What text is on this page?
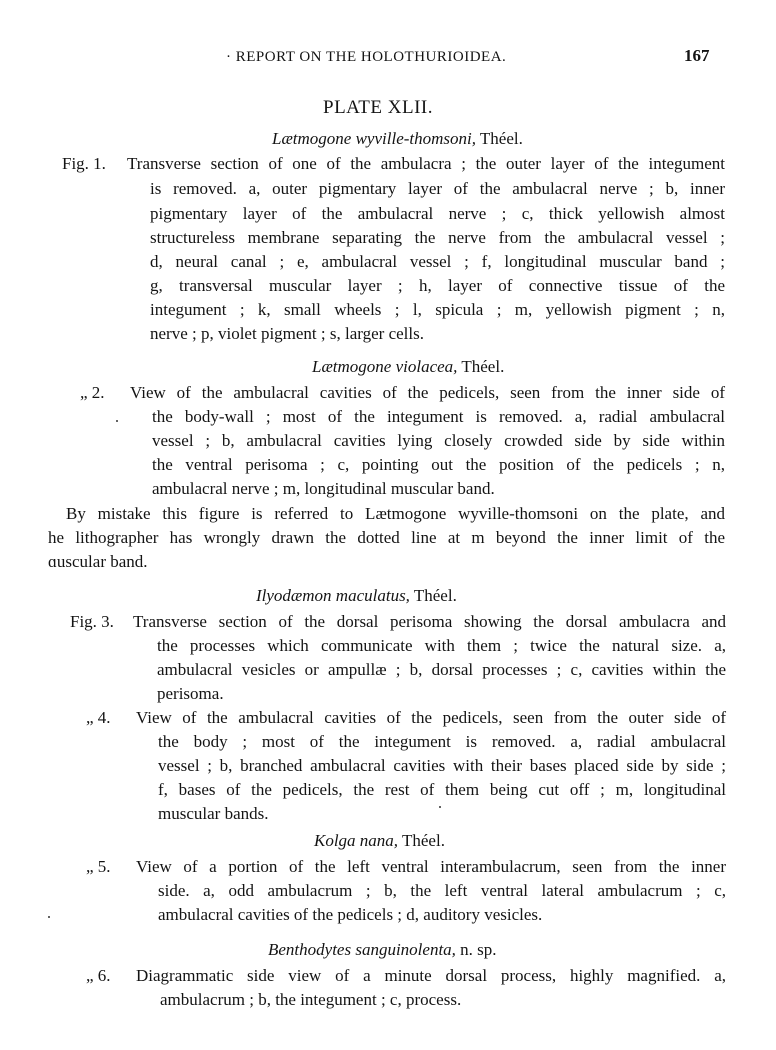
· REPORT ON THE HOLOTHURIOIDEA.	167
PLATE XLII.
Lætmogone wyville-thomsoni, Théel.
Fig. 1. Transverse section of one of the ambulacra ; the outer layer of the integument
is removed. a, outer pigmentary layer of the ambulacral nerve ; b, inner
pigmentary layer of the ambulacral nerve ; c, thick yellowish almost
structureless membrane separating the nerve from the ambulacral vessel ;
d, neural canal ; e, ambulacral vessel ; f, longitudinal muscular band ;
g, transversal muscular layer ; h, layer of connective tissue of the
integument ; k, small wheels ; l, spicula ; m, yellowish pigment ; n,
nerve ; p, violet pigment ; s, larger cells.
Lætmogone violacea, Théel.
„ 2. View of the ambulacral cavities of the pedicels, seen from the inner side of
the body-wall ; most of the integument is removed. a, radial ambulacral
vessel ; b, ambulacral cavities lying closely crowded side by side within
the ventral perisoma ; c, pointing out the position of the pedicels ; n,
ambulacral nerve ; m, longitudinal muscular band.
By mistake this figure is referred to Lætmogone wyville-thomsoni on the plate, and
he lithographer has wrongly drawn the dotted line at m beyond the inner limit of the
ɑuscular band.
Ilyodæmon maculatus, Théel.
Fig. 3. Transverse section of the dorsal perisoma showing the dorsal ambulacra and
the processes which communicate with them ; twice the natural size. a,
ambulacral vesicles or ampullæ ; b, dorsal processes ; c, cavities within the
perisoma.
„ 4. View of the ambulacral cavities of the pedicels, seen from the outer side of
the body ; most of the integument is removed. a, radial ambulacral
vessel ; b, branched ambulacral cavities with their bases placed side by side ;
f, bases of the pedicels, the rest of them being cut off ; m, longitudinal
muscular bands.
Kolga nana, Théel.
„ 5. View of a portion of the left ventral interambulacrum, seen from the inner
side. a, odd ambulacrum ; b, the left ventral lateral ambulacrum ; c,
ambulacral cavities of the pedicels ; d, auditory vesicles.
Benthodytes sanguinolenta, n. sp.
„ 6. Diagrammatic side view of a minute dorsal process, highly magnified. a,
ambulacrum ; b, the integument ; c, process.
